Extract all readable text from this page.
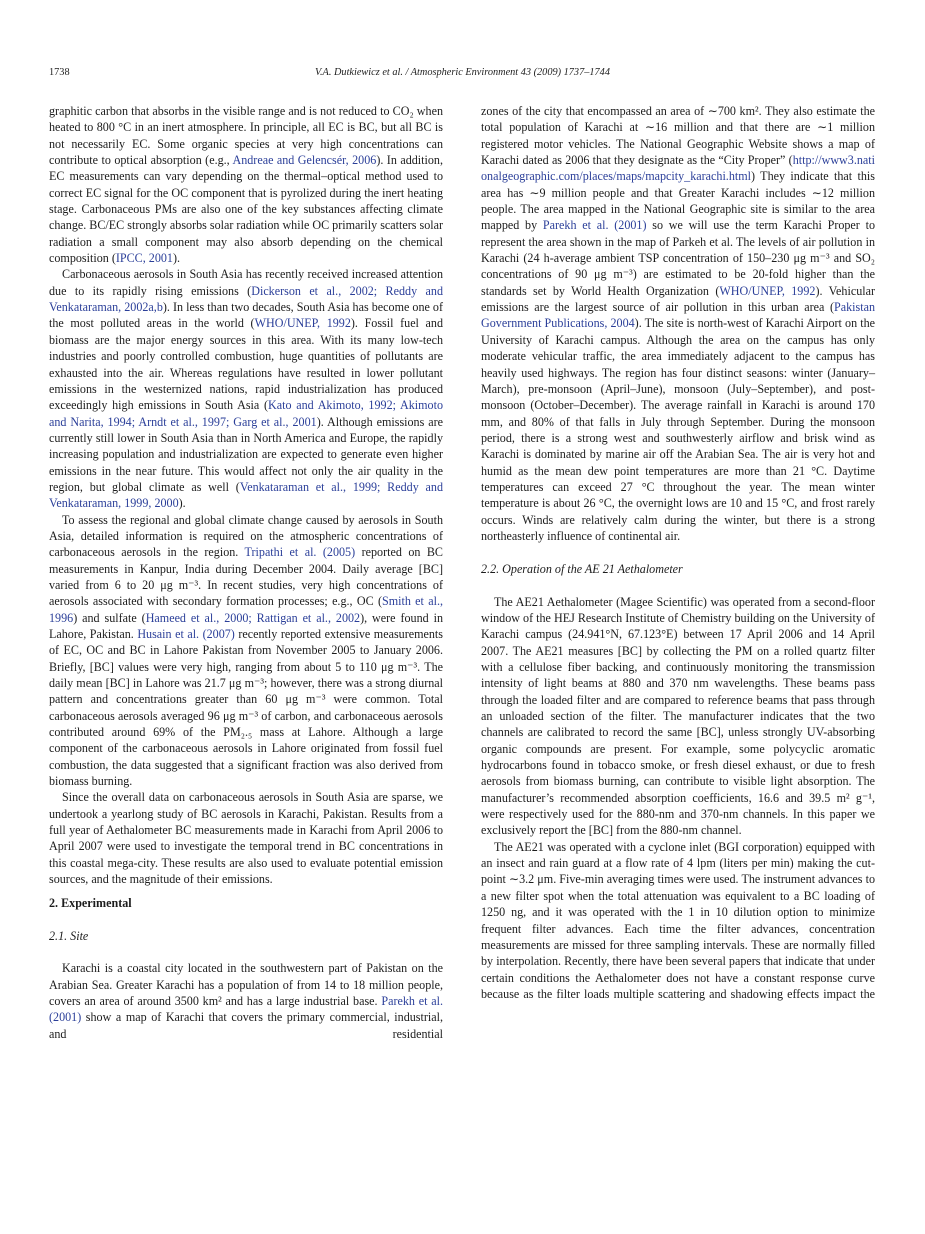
1738	V.A. Dutkiewicz et al. / Atmospheric Environment 43 (2009) 1737–1744

graphitic carbon that absorbs in the visible range and is not reduced to CO₂ when heated to 800 °C in an inert atmosphere. In principle, all EC is BC, but all BC is not necessarily EC. Some organic species at very high concentrations can contribute to optical absorption (e.g., Andreae and Gelencsér, 2006). In addition, EC measurements can vary depending on the thermal–optical method used to correct EC signal for the OC component that is pyrolized during the inert heating stage. Carbonaceous PMs are also one of the key substances affecting climate change. BC/EC strongly absorbs solar radiation while OC primarily scatters solar radiation a small component may also absorb depending on the chemical composition (IPCC, 2001).

Carbonaceous aerosols in South Asia has recently received increased attention due to its rapidly rising emissions (Dickerson et al., 2002; Reddy and Venkataraman, 2002a,b). In less than two decades, South Asia has become one of the most polluted areas in the world (WHO/UNEP, 1992). Fossil fuel and biomass are the major energy sources in this area. With its many low-tech industries and poorly controlled combustion, huge quantities of pollutants are exhausted into the air. Whereas regulations have resulted in lower pollutant emissions in the westernized nations, rapid industrialization has produced exceedingly high emissions in South Asia (Kato and Akimoto, 1992; Akimoto and Narita, 1994; Arndt et al., 1997; Garg et al., 2001). Although emissions are currently still lower in South Asia than in North America and Europe, the rapidly increasing population and industrialization are expected to generate even higher emissions in the near future. This would affect not only the air quality in the region, but global climate as well (Venkataraman et al., 1999; Reddy and Venkataraman, 1999, 2000).

To assess the regional and global climate change caused by aerosols in South Asia, detailed information is required on the atmospheric concentrations of carbonaceous aerosols in the region. Tripathi et al. (2005) reported on BC measurements in Kanpur, India during December 2004. Daily average [BC] varied from 6 to 20 μg m⁻³. In recent studies, very high concentrations of aerosols associated with secondary formation processes; e.g., OC (Smith et al., 1996) and sulfate (Hameed et al., 2000; Rattigan et al., 2002), were found in Lahore, Pakistan. Husain et al. (2007) recently reported extensive measurements of EC, OC and BC in Lahore Pakistan from November 2005 to January 2006. Briefly, [BC] values were very high, ranging from about 5 to 110 μg m⁻³. The daily mean [BC] in Lahore was 21.7 μg m⁻³; however, there was a strong diurnal pattern and concentrations greater than 60 μg m⁻³ were common. Total carbonaceous aerosols averaged 96 μg m⁻³ of carbon, and carbonaceous aerosols contributed around 69% of the PM₂.₅ mass at Lahore. Although a large component of the carbonaceous aerosols in Lahore originated from fossil fuel combustion, the data suggested that a significant fraction was also derived from biomass burning.

Since the overall data on carbonaceous aerosols in South Asia are sparse, we undertook a yearlong study of BC aerosols in Karachi, Pakistan. Results from a full year of Aethalometer BC measurements made in Karachi from April 2006 to April 2007 were used to investigate the temporal trend in BC concentrations in this coastal mega-city. These results are also used to evaluate potential emission sources, and the magnitude of their emissions.

2. Experimental
2.1. Site

Karachi is a coastal city located in the southwestern part of Pakistan on the Arabian Sea. Greater Karachi has a population of from 14 to 18 million people, covers an area of around 3500 km² and has a large industrial base. Parekh et al. (2001) show a map of Karachi that covers the primary commercial, industrial, and residential

zones of the city that encompassed an area of ∼700 km². They also estimate the total population of Karachi at ∼16 million and that there are ∼1 million registered motor vehicles. The National Geographic Website shows a map of Karachi dated as 2006 that they designate as the “City Proper” (http://www3.nationalgeographic.com/places/maps/mapcity_karachi.html) They indicate that this area has ∼9 million people and that Greater Karachi includes ∼12 million people. The area mapped in the National Geographic site is similar to the area mapped by Parekh et al. (2001) so we will use the term Karachi Proper to represent the area shown in the map of Parkeh et al. The levels of air pollution in Karachi (24 h-average ambient TSP concentration of 150–230 μg m⁻³ and SO₂ concentrations of 90 μg m⁻³) are estimated to be 20-fold higher than the standards set by World Health Organization (WHO/UNEP, 1992). Vehicular emissions are the largest source of air pollution in this urban area (Pakistan Government Publications, 2004). The site is north-west of Karachi Airport on the University of Karachi campus. Although the area on the campus has only moderate vehicular traffic, the area immediately adjacent to the campus has heavily used highways. The region has four distinct seasons: winter (January–March), pre-monsoon (April–June), monsoon (July–September), and post-monsoon (October–December). The average rainfall in Karachi is around 170 mm, and 80% of that falls in July through September. During the monsoon period, there is a strong west and southwesterly airflow and brisk wind as Karachi is dominated by marine air off the Arabian Sea. The air is very hot and humid as the mean dew point temperatures are more than 21 °C. Daytime temperatures can exceed 27 °C throughout the year. The mean winter temperature is about 26 °C, the overnight lows are 10 and 15 °C, and frost rarely occurs. Winds are relatively calm during the winter, but there is a strong northeasterly influence of continental air.

2.2. Operation of the AE 21 Aethalometer

The AE21 Aethalometer (Magee Scientific) was operated from a second-floor window of the HEJ Research Institute of Chemistry building on the University of Karachi campus (24.941°N, 67.123°E) between 17 April 2006 and 14 April 2007. The AE21 measures [BC] by collecting the PM on a rolled quartz filter with a cellulose fiber backing, and continuously monitoring the transmission intensity of light beams at 880 and 370 nm wavelengths. These beams pass through the loaded filter and are compared to reference beams that pass through an unloaded section of the filter. The manufacturer indicates that the two channels are calibrated to record the same [BC], unless strongly UV-absorbing organic compounds are present. For example, some polycyclic aromatic hydrocarbons found in tobacco smoke, or fresh diesel exhaust, or due to fresh aerosols from biomass burning, can contribute to visible light absorption. The manufacturer’s recommended absorption coefficients, 16.6 and 39.5 m² g⁻¹, were respectively used for the 880-nm and 370-nm channels. In this paper we exclusively report the [BC] from the 880-nm channel.

The AE21 was operated with a cyclone inlet (BGI corporation) equipped with an insect and rain guard at a flow rate of 4 lpm (liters per min) making the cut-point ∼3.2 μm. Five-min averaging times were used. The instrument advances to a new filter spot when the total attenuation was equivalent to a BC loading of 1250 ng, and it was operated with the 1 in 10 dilution option to minimize frequent filter advances. Each time the filter advances, concentration measurements are missed for three sampling intervals. These are normally filled by interpolation. Recently, there have been several papers that indicate that under certain conditions the Aethalometer does not have a constant response curve because as the filter loads multiple scattering and shadowing effects impact the
